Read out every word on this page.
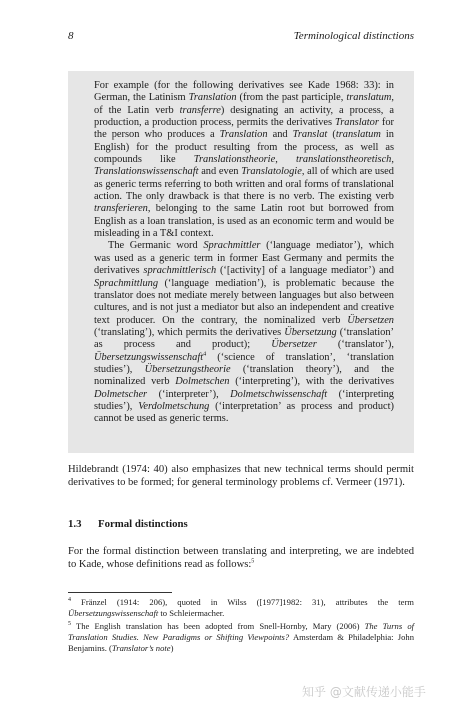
8	Terminological distinctions

For example (for the following derivatives see Kade 1968: 33): in German, the Latinism Translation (from the past participle, translatum, of the Latin verb transferre) designating an activity, a process, a production, a production process, permits the derivatives Translator for the person who produces a Translation and Translat (translatum in English) for the product resulting from the process, as well as compounds like Translationstheorie, translationstheoretisch, Translationswissenschaft and even Translatologie, all of which are used as generic terms referring to both written and oral forms of translational action. The only drawback is that there is no verb. The existing verb transferieren, belonging to the same Latin root but borrowed from English as a loan translation, is used as an economic term and would be misleading in a T&I context.

The Germanic word Sprachmittler (‘language mediator’), which was used as a generic term in former East Germany and permits the derivatives sprachmittlerisch (‘[activity] of a language mediator’) and Sprachmittlung (‘language mediation’), is problematic because the translator does not mediate merely between languages but also between cultures, and is not just a mediator but also an independent and creative text producer. On the contrary, the nominalized verb Übersetzen (‘translating’), which permits the derivatives Übersetzung (‘translation’ as process and product); Übersetzer (‘translator’), Übersetzungswissenschaft$^4$ (‘science of translation’, ‘translation studies’), Übersetzungstheorie (‘translation theory’), and the nominalized verb Dolmetschen (‘interpreting’), with the derivatives Dolmetscher (‘interpreter’), Dolmetschwissenschaft (‘interpreting studies’), Verdolmetschung (‘interpretation’ as process and product) cannot be used as generic terms.

Hildebrandt (1974: 40) also emphasizes that new technical terms should permit derivatives to be formed; for general terminology problems cf. Vermeer (1971).

1.3 Formal distinctions

For the formal distinction between translating and interpreting, we are indebted to Kade, whose definitions read as follows:$^5$

$^4$ Fränzel (1914: 206), quoted in Wilss ([1977]1982: 31), attributes the term Übersetzungswissenschaft to Schleiermacher.

$^5$ The English translation has been adopted from Snell-Hornby, Mary (2006) The Turns of Translation Studies. New Paradigms or Shifting Viewpoints? Amsterdam & Philadelphia: John Benjamins. (Translator’s note)

知乎 @文献传递小能手
